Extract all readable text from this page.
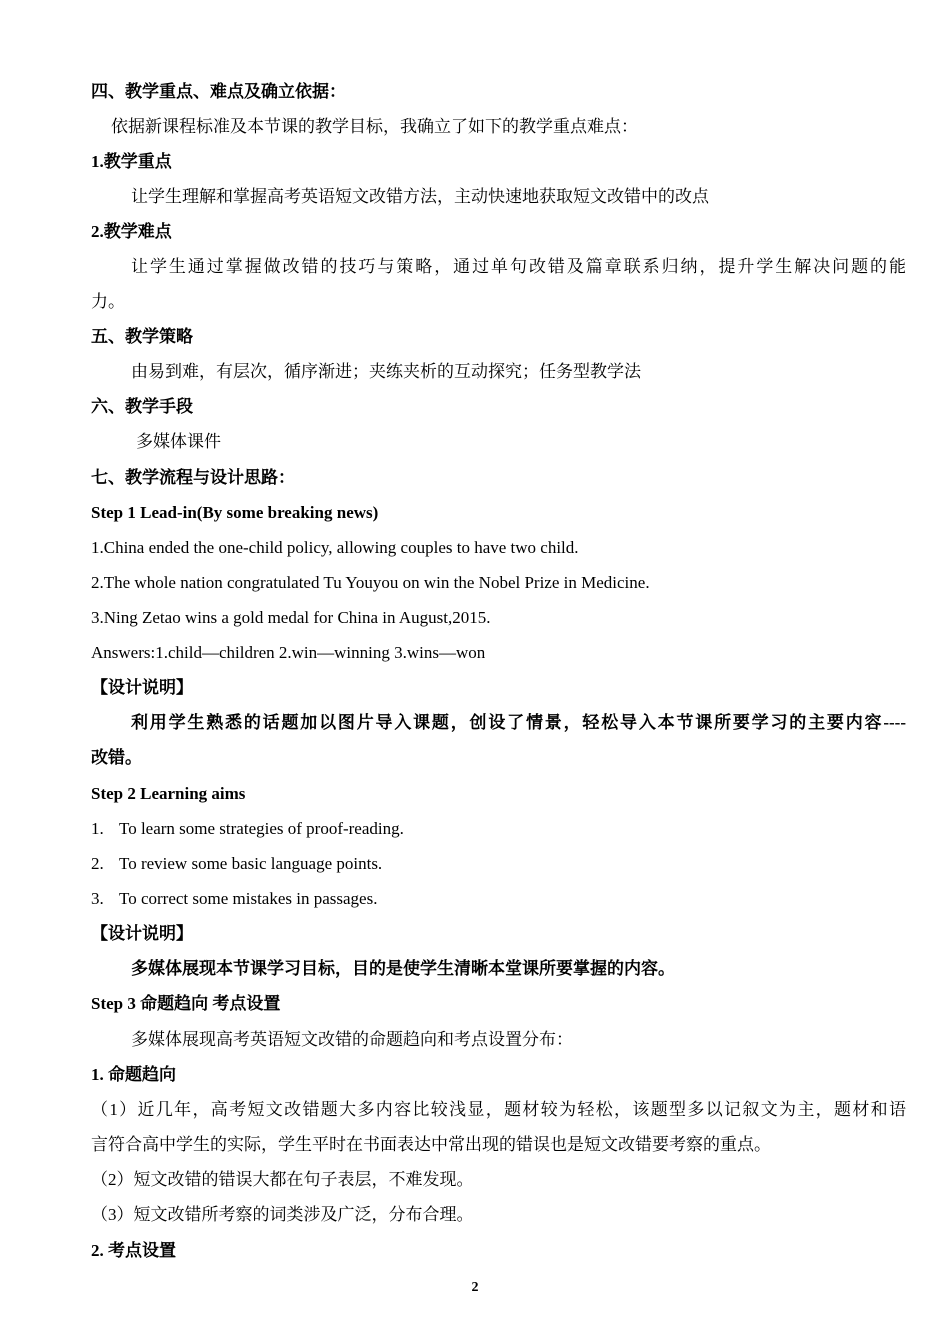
四、教学重点、难点及确立依据：
依据新课程标准及本节课的教学目标，我确立了如下的教学重点难点：
1.教学重点
让学生理解和掌握高考英语短文改错方法，主动快速地获取短文改错中的改点
2.教学难点
让学生通过掌握做改错的技巧与策略，通过单句改错及篇章联系归纳，提升学生解决问题的能
力。
五、教学策略
由易到难，有层次，循序渐进；夹练夹析的互动探究；任务型教学法
六、教学手段
多媒体课件
七、教学流程与设计思路：
Step 1 Lead-in(By some breaking news)
1.China ended the one-child policy, allowing couples to have two child.
2.The whole nation congratulated Tu Youyou on win the Nobel Prize in Medicine.
3.Ning Zetao wins a gold medal for China in August,2015.
Answers:1.child—children 2.win—winning 3.wins—won
【设计说明】
利用学生熟悉的话题加以图片导入课题，创设了情景，轻松导入本节课所要学习的主要内容----
改错。
Step 2 Learning aims
1. To learn some strategies of proof-reading.
2. To review some basic language points.
3. To correct some mistakes in passages.
【设计说明】
多媒体展现本节课学习目标，目的是使学生清晰本堂课所要掌握的内容。
Step 3 命题趋向 考点设置
多媒体展现高考英语短文改错的命题趋向和考点设置分布：
1. 命题趋向
（1）近几年，高考短文改错题大多内容比较浅显，题材较为轻松，该题型多以记叙文为主，题材和语
言符合高中学生的实际，学生平时在书面表达中常出现的错误也是短文改错要考察的重点。
（2）短文改错的错误大都在句子表层，不难发现。
（3）短文改错所考察的词类涉及广泛，分布合理。
2. 考点设置
2
